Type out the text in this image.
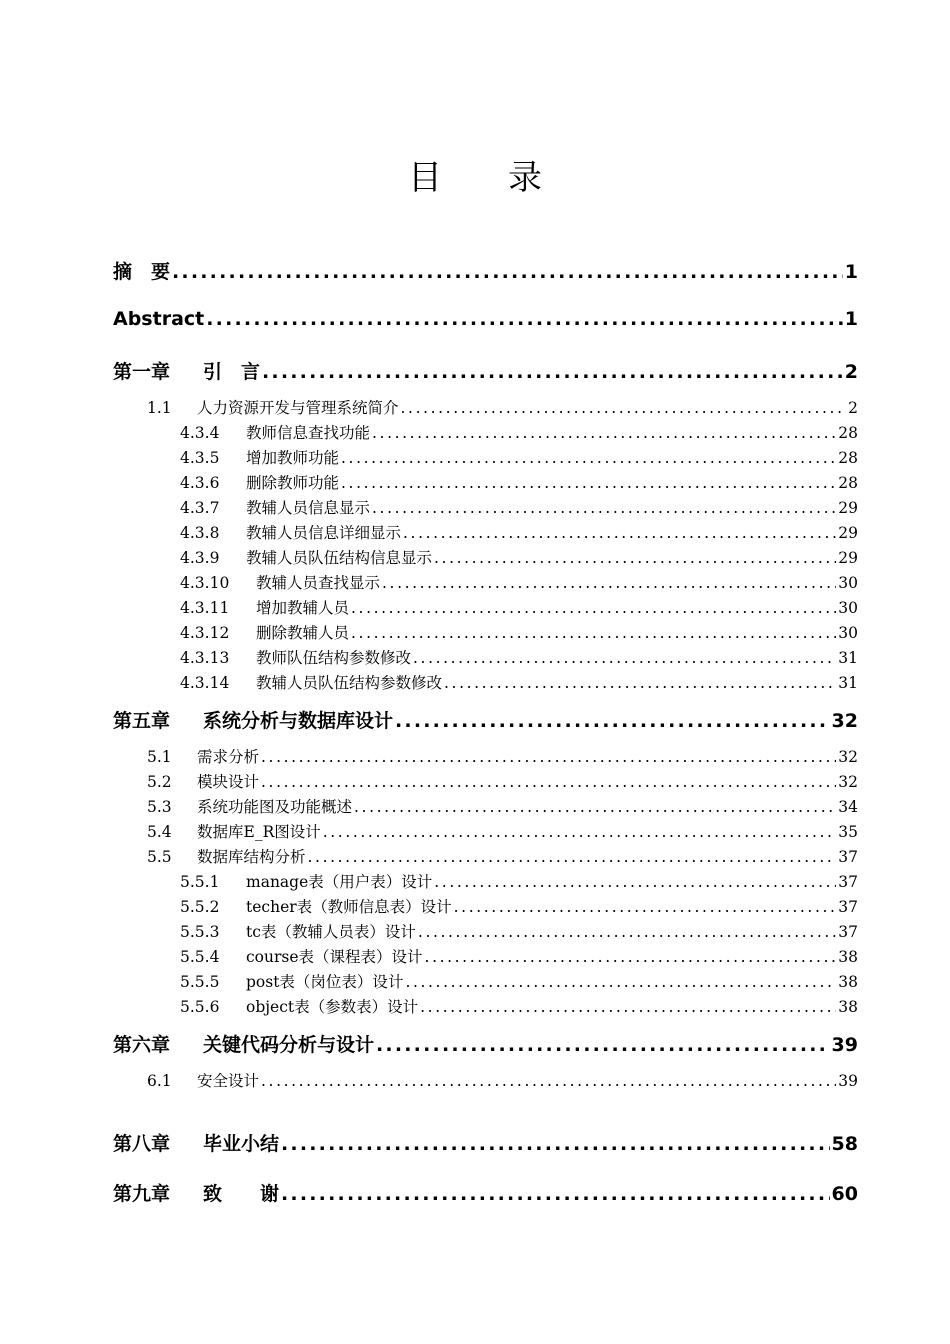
目 录
摘　要 .....	1
Abstract .....	1
第一章 引　言 .....	2
1.1 人力资源开发与管理系统简介 .....	2
4.3.4 教师信息查找功能 .....	28
4.3.5 增加教师功能 .....	28
4.3.6 删除教师功能 .....	28
4.3.7 教辅人员信息显示 .....	29
4.3.8 教辅人员信息详细显示 .....	29
4.3.9 教辅人员队伍结构信息显示 .....	29
4.3.10 教辅人员查找显示 .....	30
4.3.11 增加教辅人员 .....	30
4.3.12 删除教辅人员 .....	30
4.3.13 教师队伍结构参数修改 .....	31
4.3.14 教辅人员队伍结构参数修改 .....	31
第五章 系统分析与数据库设计 .....	32
5.1 需求分析 .....	32
5.2 模块设计 .....	32
5.3 系统功能图及功能概述 .....	34
5.4 数据库E_R图设计 .....	35
5.5 数据库结构分析 .....	37
5.5.1 manage表（用户表）设计 .....	37
5.5.2 techer表（教师信息表）设计 .....	37
5.5.3 tc表（教辅人员表）设计 .....	37
5.5.4 course表（课程表）设计 .....	38
5.5.5 post表（岗位表）设计 .....	38
5.5.6 object表（参数表）设计 .....	38
第六章 关键代码分析与设计 .....	39
6.1 安全设计 .....	39
第八章 毕业小结 .....	58
第九章 致　　谢 .....	60
